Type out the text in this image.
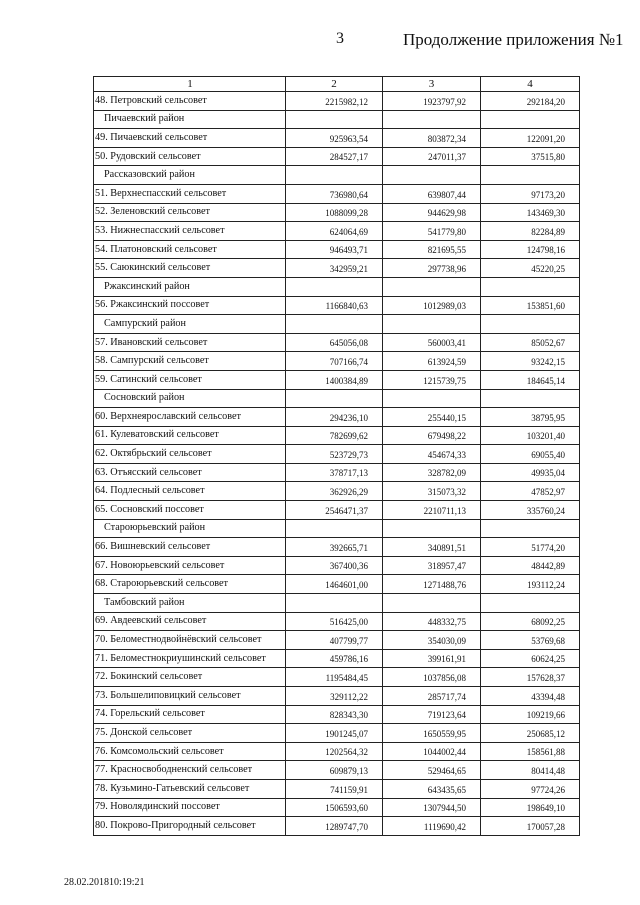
3	Продолжение приложения №1
1	2	3	4
48. Петровский сельсовет	2215982,12	1923797,92	292184,20
Пичаевский район			
49. Пичаевский сельсовет	925963,54	803872,34	122091,20
50. Рудовский сельсовет	284527,17	247011,37	37515,80
Рассказовский район			
51. Верхнеспасский сельсовет	736980,64	639807,44	97173,20
52. Зеленовский сельсовет	1088099,28	944629,98	143469,30
53. Нижнеспасский сельсовет	624064,69	541779,80	82284,89
54. Платоновский сельсовет	946493,71	821695,55	124798,16
55. Саюкинский сельсовет	342959,21	297738,96	45220,25
Ржаксинский район			
56. Ржаксинский поссовет	1166840,63	1012989,03	153851,60
Сампурский район			
57. Ивановский сельсовет	645056,08	560003,41	85052,67
58. Сампурский сельсовет	707166,74	613924,59	93242,15
59. Сатинский сельсовет	1400384,89	1215739,75	184645,14
Сосновский район			
60. Верхнеярославский сельсовет	294236,10	255440,15	38795,95
61. Кулеватовский сельсовет	782699,62	679498,22	103201,40
62. Октябрьский сельсовет	523729,73	454674,33	69055,40
63. Отъясский сельсовет	378717,13	328782,09	49935,04
64. Подлесный сельсовет	362926,29	315073,32	47852,97
65. Сосновский поссовет	2546471,37	2210711,13	335760,24
Староюрьевский район			
66. Вишневский сельсовет	392665,71	340891,51	51774,20
67. Новоюрьевский сельсовет	367400,36	318957,47	48442,89
68. Староюрьевский сельсовет	1464601,00	1271488,76	193112,24
Тамбовский район			
69. Авдеевский сельсовет	516425,00	448332,75	68092,25
70. Беломестнодвойнёвский сельсовет	407799,77	354030,09	53769,68
71. Беломестнокриушинский сельсовет	459786,16	399161,91	60624,25
72. Бокинский сельсовет	1195484,45	1037856,08	157628,37
73. Большелиповицкий сельсовет	329112,22	285717,74	43394,48
74. Горельский сельсовет	828343,30	719123,64	109219,66
75. Донской сельсовет	1901245,07	1650559,95	250685,12
76. Комсомольский сельсовет	1202564,32	1044002,44	158561,88
77. Красносвободненский сельсовет	609879,13	529464,65	80414,48
78. Кузьмино-Гатьевский сельсовет	741159,91	643435,65	97724,26
79. Новолядинский поссовет	1506593,60	1307944,50	198649,10
80. Покрово-Пригородный сельсовет	1289747,70	1119690,42	170057,28
28.02.201810:19:21
